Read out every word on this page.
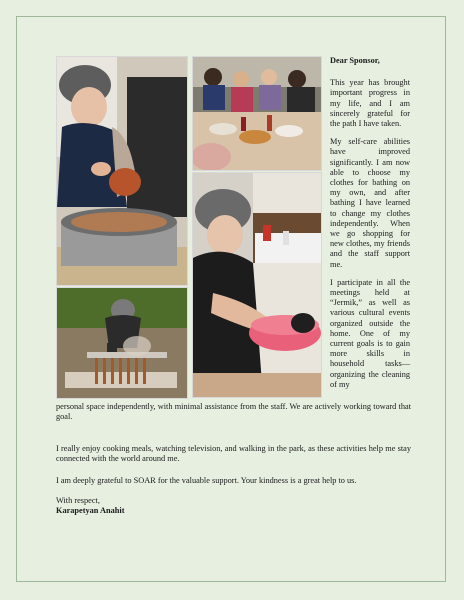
Dear Sponsor,

This year has brought important progress in my life, and I am sincerely grateful for the path I have taken.

My self-care abilities have improved significantly. I am now able to choose my clothes for bathing on my own, and after bathing I have learned to change my clothes independently. When we go shopping for new clothes, my friends and the staff support me.

I participate in all the meetings held at “Jermik,” as well as various cultural events organized outside the home. One of my current goals is to gain more skills in household tasks—organizing the cleaning of my

personal space independently, with minimal assistance from the staff. We are actively working toward that goal.

I really enjoy cooking meals, watching television, and walking in the park, as these activities help me stay connected with the world around me.

I am deeply grateful to SOAR for the valuable support. Your kindness is a great help to us.

With respect,

Karapetyan Anahit
